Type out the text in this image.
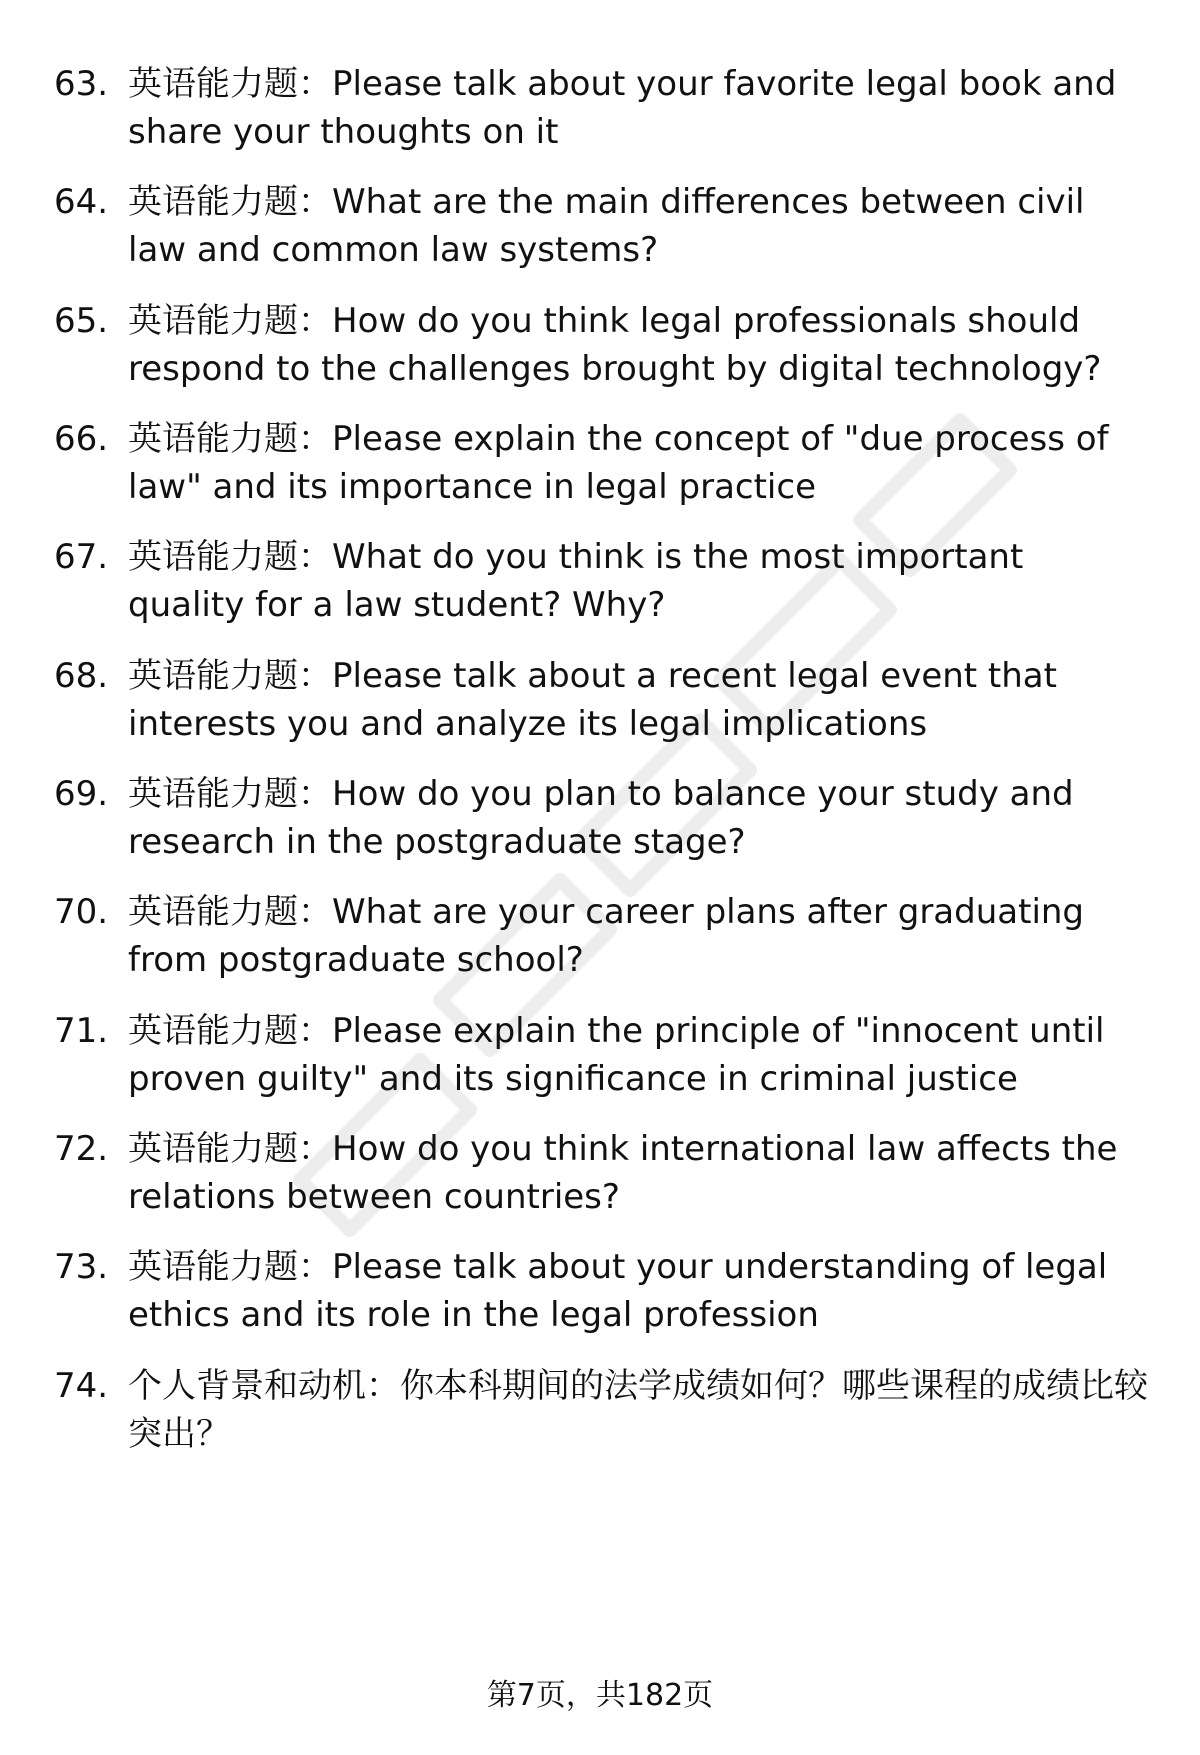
63. 英语能力题：Please talk about your favorite legal book and share your thoughts on it
64. 英语能力题：What are the main differences between civil law and common law systems?
65. 英语能力题：How do you think legal professionals should respond to the challenges brought by digital technology?
66. 英语能力题：Please explain the concept of "due process of law" and its importance in legal practice
67. 英语能力题：What do you think is the most important quality for a law student? Why?
68. 英语能力题：Please talk about a recent legal event that interests you and analyze its legal implications
69. 英语能力题：How do you plan to balance your study and research in the postgraduate stage?
70. 英语能力题：What are your career plans after graduating from postgraduate school?
71. 英语能力题：Please explain the principle of "innocent until proven guilty" and its significance in criminal justice
72. 英语能力题：How do you think international law affects the relations between countries?
73. 英语能力题：Please talk about your understanding of legal ethics and its role in the legal profession
74. 个人背景和动机：你本科期间的法学成绩如何？哪些课程的成绩比较突出？
第7页，共182页
